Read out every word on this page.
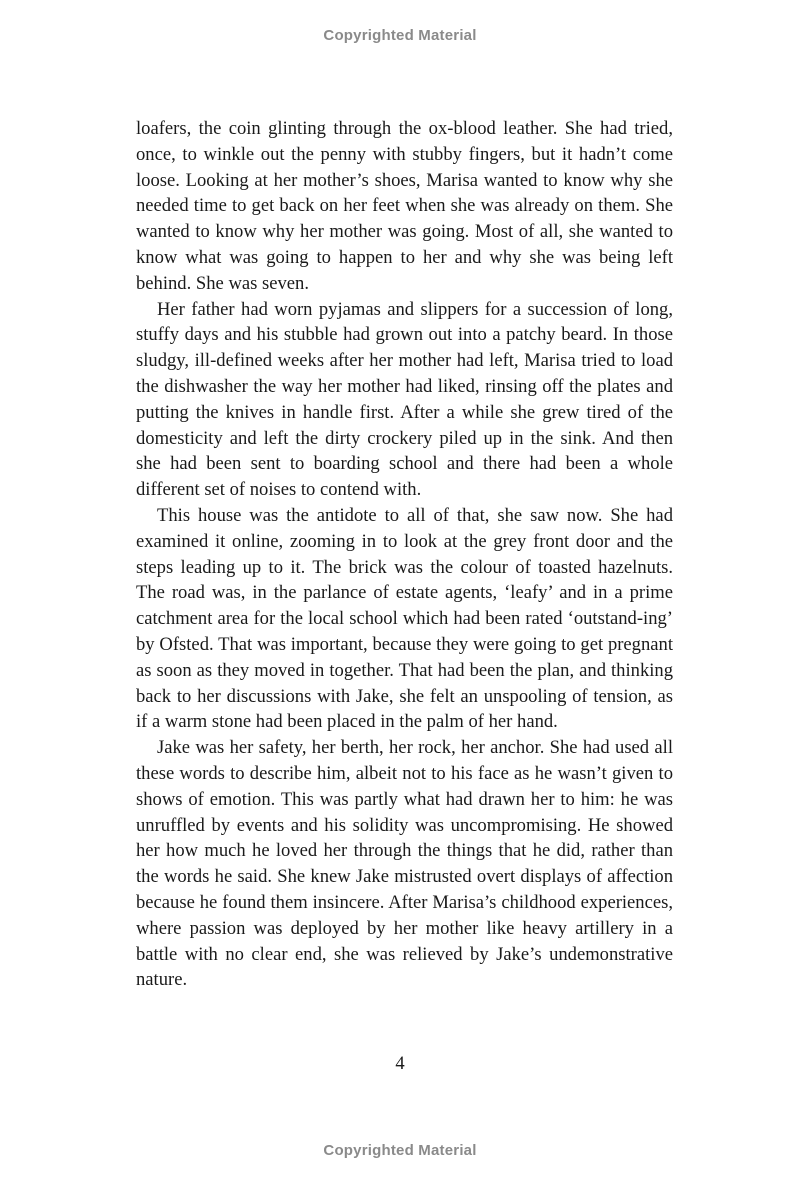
Copyrighted Material

loafers, the coin glinting through the ox-blood leather. She had tried, once, to winkle out the penny with stubby fingers, but it hadn’t come loose. Looking at her mother’s shoes, Marisa wanted to know why she needed time to get back on her feet when she was already on them. She wanted to know why her mother was going. Most of all, she wanted to know what was going to happen to her and why she was being left behind. She was seven.

Her father had worn pyjamas and slippers for a succession of long, stuffy days and his stubble had grown out into a patchy beard. In those sludgy, ill-defined weeks after her mother had left, Marisa tried to load the dishwasher the way her mother had liked, rinsing off the plates and putting the knives in handle first. After a while she grew tired of the domesticity and left the dirty crockery piled up in the sink. And then she had been sent to boarding school and there had been a whole different set of noises to contend with.

This house was the antidote to all of that, she saw now. She had examined it online, zooming in to look at the grey front door and the steps leading up to it. The brick was the colour of toasted hazelnuts. The road was, in the parlance of estate agents, ‘leafy’ and in a prime catchment area for the local school which had been rated ‘outstand-ing’ by Ofsted. That was important, because they were going to get pregnant as soon as they moved in together. That had been the plan, and thinking back to her discussions with Jake, she felt an unspooling of tension, as if a warm stone had been placed in the palm of her hand.

Jake was her safety, her berth, her rock, her anchor. She had used all these words to describe him, albeit not to his face as he wasn’t given to shows of emotion. This was partly what had drawn her to him: he was unruffled by events and his solidity was uncompromising. He showed her how much he loved her through the things that he did, rather than the words he said. She knew Jake mistrusted overt displays of affection because he found them insincere. After Marisa’s childhood experiences, where passion was deployed by her mother like heavy artillery in a battle with no clear end, she was relieved by Jake’s undemonstrative nature.

4
Copyrighted Material
